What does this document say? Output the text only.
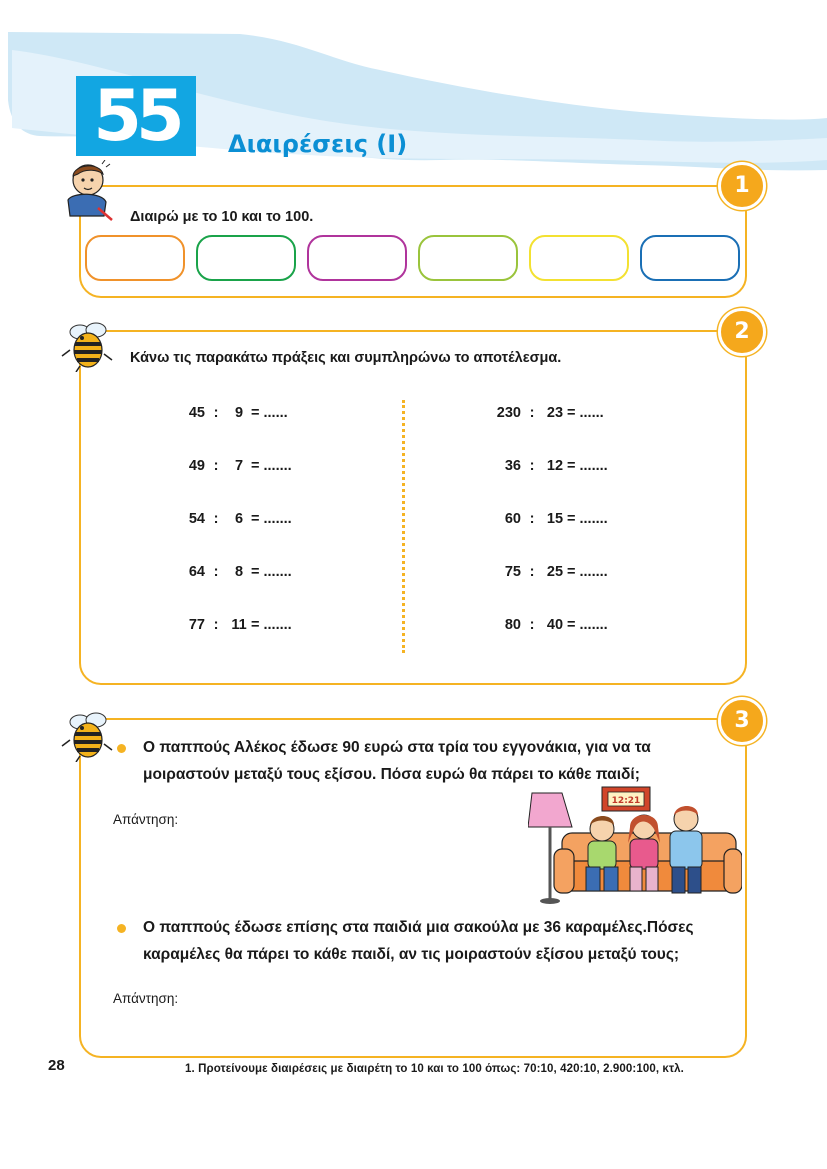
55	Διαιρέσεις (Ι)
1
Διαιρώ με το 10 και το 100.
2
Κάνω τις παρακάτω πράξεις και συμπληρώνω το αποτέλεσμα.
45 : 9 = ......
49 : 7 = .......
54 : 6 = .......
64 : 8 = .......
77 : 11 = .......
230 : 23 = ......
36 : 12 = .......
60 : 15 = .......
75 : 25 = .......
80 : 40 = .......
3
Ο παππούς Αλέκος έδωσε 90 ευρώ στα τρία του εγγονάκια, για να τα
μοιραστούν μεταξύ τους εξίσου. Πόσα ευρώ θα πάρει το κάθε παιδί;
Απάντηση:
12:21
Ο παππούς έδωσε επίσης στα παιδιά μια σακούλα με 36 καραμέλες.Πόσες
καραμέλες θα πάρει το κάθε παιδί, αν τις μοιραστούν εξίσου μεταξύ τους;
Απάντηση:
28	1. Προτείνουμε διαιρέσεις με διαιρέτη το 10 και το 100 όπως: 70:10, 420:10, 2.900:100, κτλ.
